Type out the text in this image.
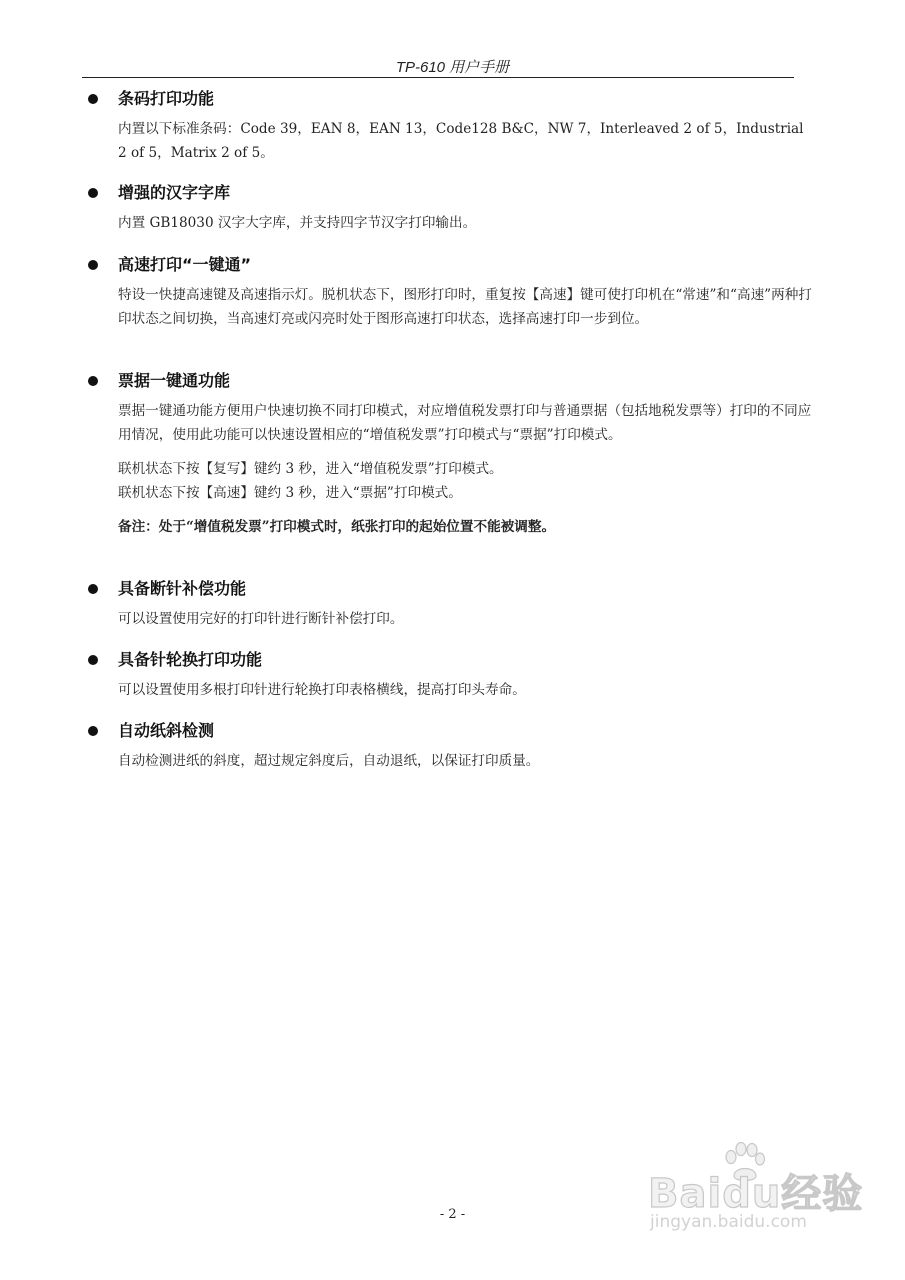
TP-610 用户手册
条码打印功能

内置以下标准条码：Code 39，EAN 8，EAN 13，Code128 B&C，NW 7，Interleaved 2 of 5，Industrial 2 of 5，Matrix 2 of 5。

增强的汉字字库

内置 GB18030 汉字大字库，并支持四字节汉字打印输出。

高速打印“一键通”

特设一快捷高速键及高速指示灯。脱机状态下，图形打印时，重复按【高速】键可使打印机在“常速”和“高速”两种打印状态之间切换，当高速灯亮或闪亮时处于图形高速打印状态，选择高速打印一步到位。

票据一键通功能

票据一键通功能方便用户快速切换不同打印模式，对应增值税发票打印与普通票据（包括地税发票等）打印的不同应用情况，使用此功能可以快速设置相应的“增值税发票”打印模式与“票据”打印模式。

联机状态下按【复写】键约 3 秒，进入“增值税发票”打印模式。

联机状态下按【高速】键约 3 秒，进入“票据”打印模式。

备注：处于“增值税发票”打印模式时，纸张打印的起始位置不能被调整。

具备断针补偿功能

可以设置使用完好的打印针进行断针补偿打印。

具备针轮换打印功能

可以设置使用多根打印针进行轮换打印表格横线，提高打印头寿命。

自动纸斜检测

自动检测进纸的斜度，超过规定斜度后，自动退纸，以保证打印质量。

- 2 -	Baidu经验
jingyan.baidu.com
